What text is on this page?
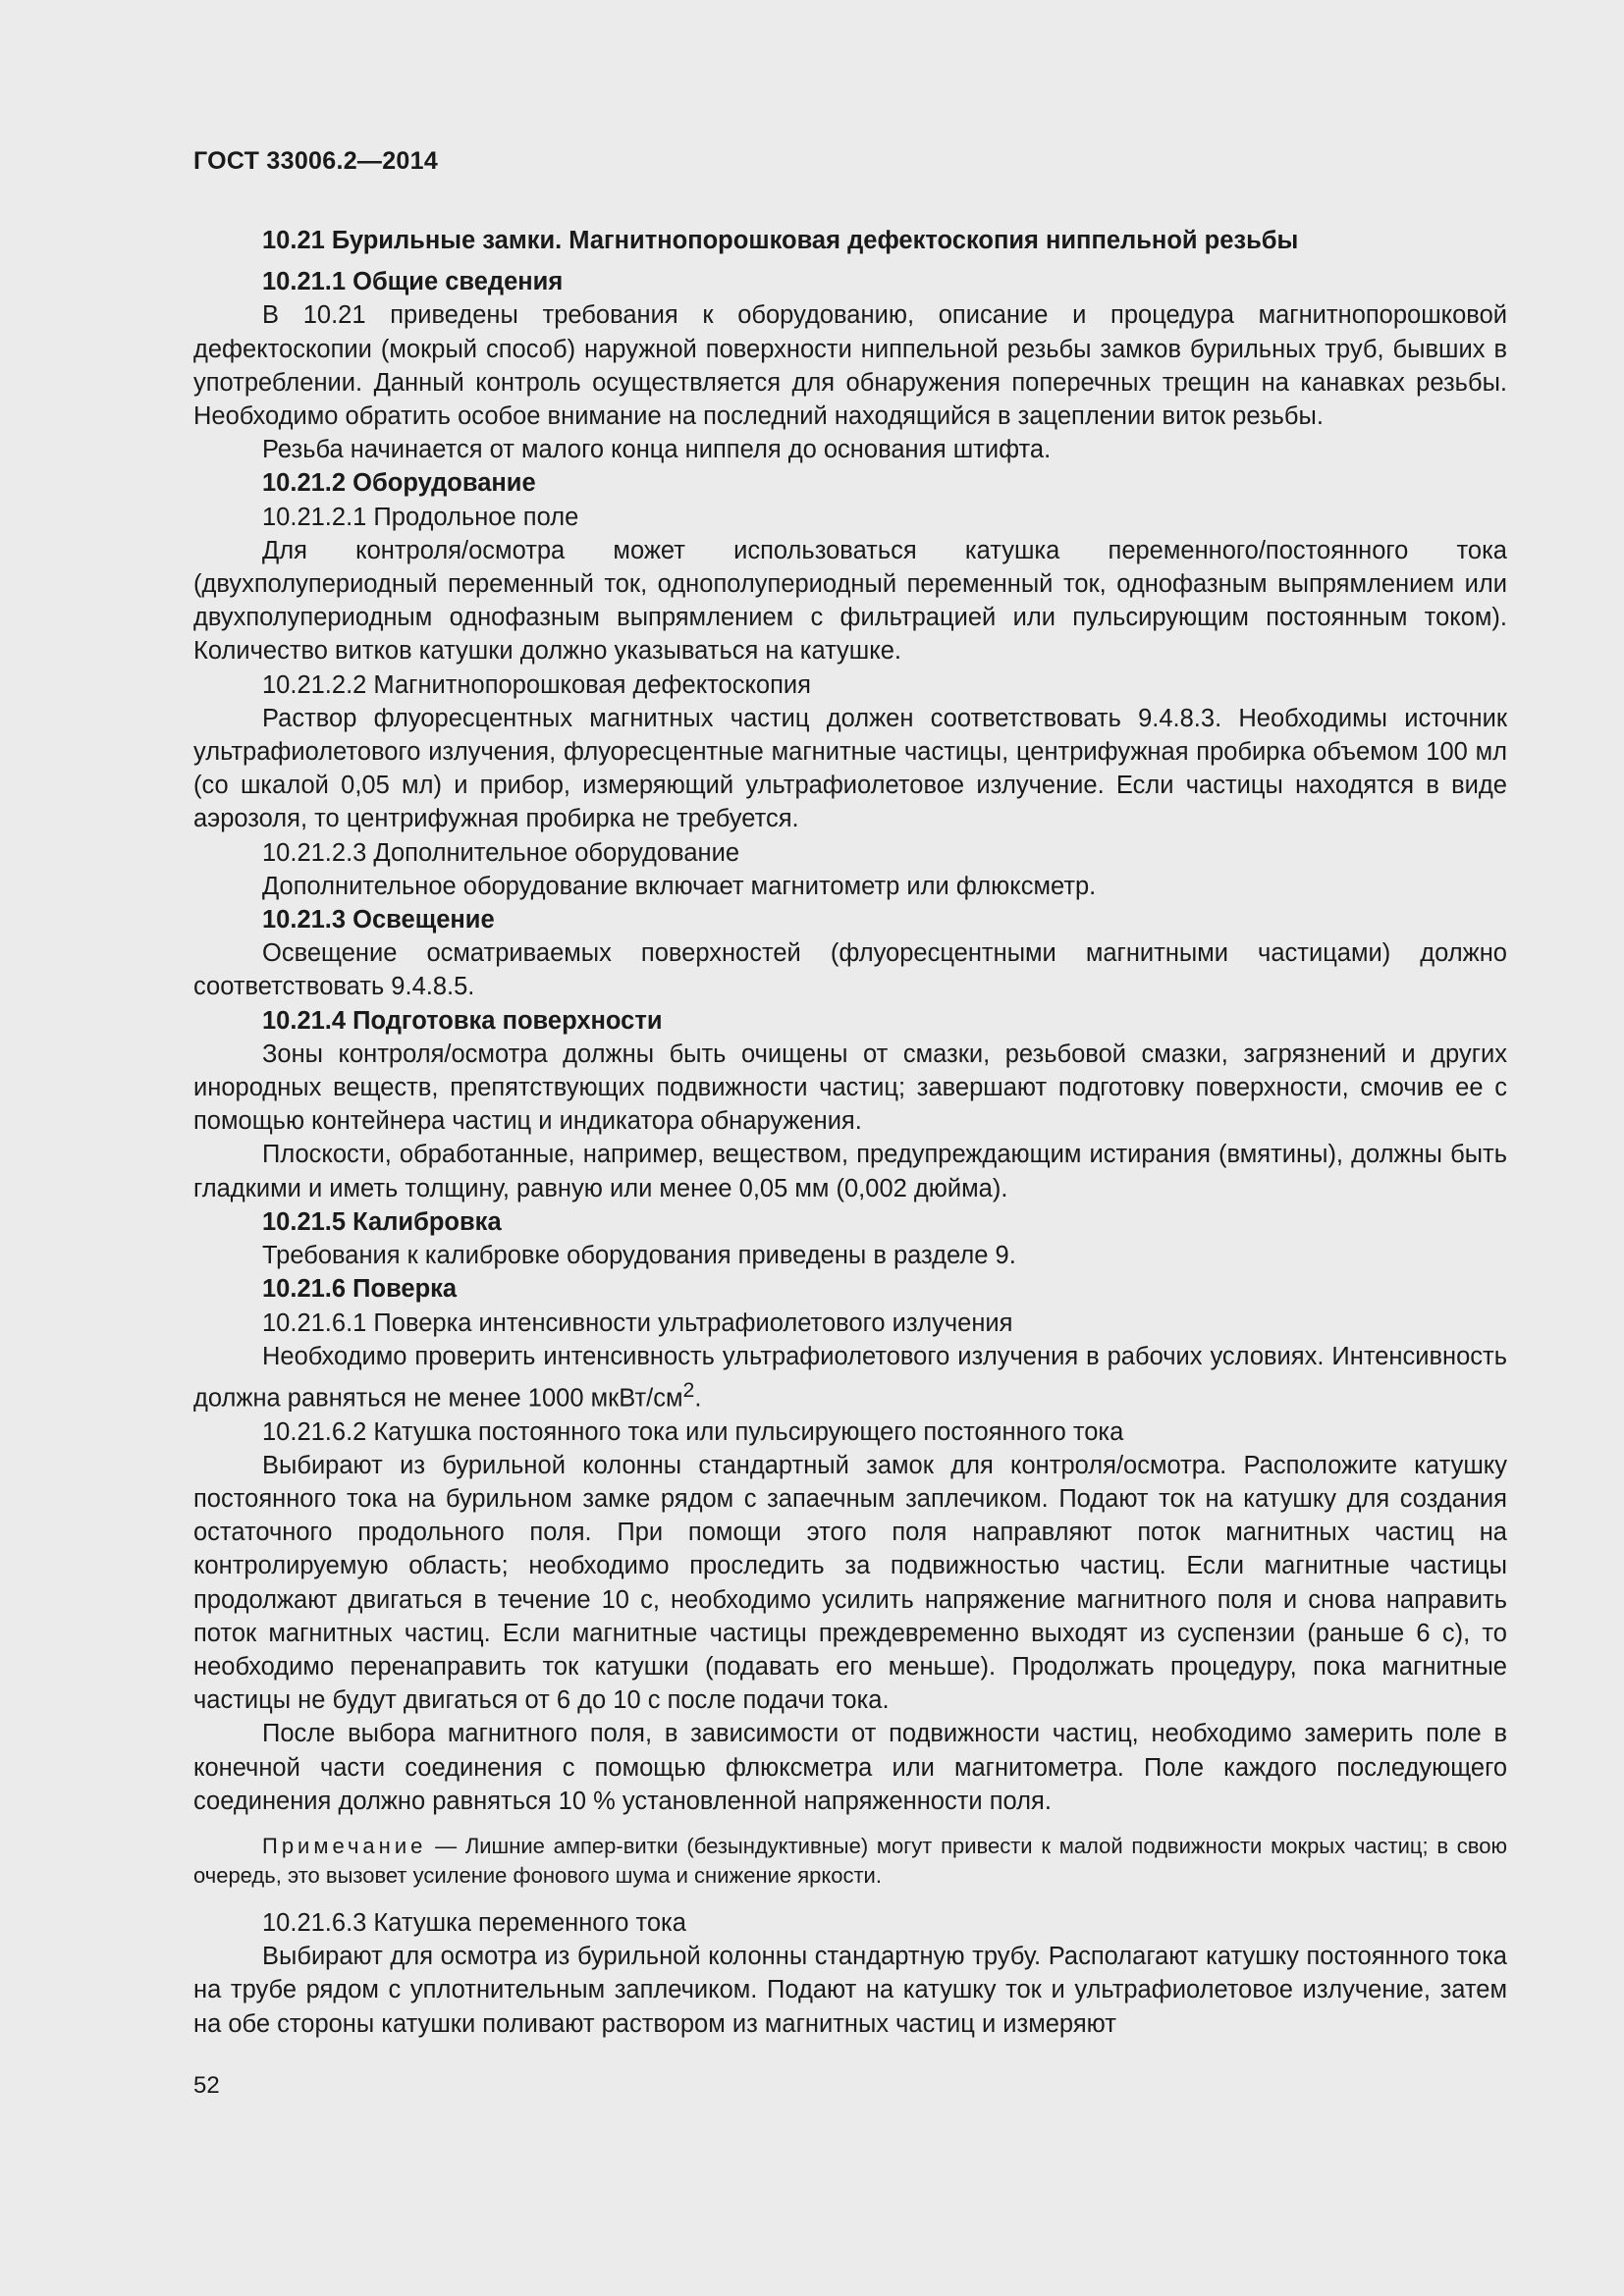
ГОСТ 33006.2—2014
10.21 Бурильные замки. Магнитнопорошковая дефектоскопия ниппельной резьбы
10.21.1 Общие сведения
В 10.21 приведены требования к оборудованию, описание и процедура магнитнопорошковой дефектоскопии (мокрый способ) наружной поверхности ниппельной резьбы замков бурильных труб, бывших в употреблении. Данный контроль осуществляется для обнаружения поперечных трещин на канавках резьбы. Необходимо обратить особое внимание на последний находящийся в зацеплении виток резьбы.
Резьба начинается от малого конца ниппеля до основания штифта.
10.21.2 Оборудование
10.21.2.1 Продольное поле
Для контроля/осмотра может использоваться катушка переменного/постоянного тока (двухполупериодный переменный ток, однополупериодный переменный ток, однофазным выпрямлением или двухполупериодным однофазным выпрямлением с фильтрацией или пульсирующим постоянным током). Количество витков катушки должно указываться на катушке.
10.21.2.2 Магнитнопорошковая дефектоскопия
Раствор флуоресцентных магнитных частиц должен соответствовать 9.4.8.3. Необходимы источник ультрафиолетового излучения, флуоресцентные магнитные частицы, центрифужная пробирка объемом 100 мл (со шкалой 0,05 мл) и прибор, измеряющий ультрафиолетовое излучение. Если частицы находятся в виде аэрозоля, то центрифужная пробирка не требуется.
10.21.2.3 Дополнительное оборудование
Дополнительное оборудование включает магнитометр или флюксметр.
10.21.3 Освещение
Освещение осматриваемых поверхностей (флуоресцентными магнитными частицами) должно соответствовать 9.4.8.5.
10.21.4 Подготовка поверхности
Зоны контроля/осмотра должны быть очищены от смазки, резьбовой смазки, загрязнений и других инородных веществ, препятствующих подвижности частиц; завершают подготовку поверхности, смочив ее с помощью контейнера частиц и индикатора обнаружения.
Плоскости, обработанные, например, веществом, предупреждающим истирания (вмятины), должны быть гладкими и иметь толщину, равную или менее 0,05 мм (0,002 дюйма).
10.21.5 Калибровка
Требования к калибровке оборудования приведены в разделе 9.
10.21.6 Поверка
10.21.6.1 Поверка интенсивности ультрафиолетового излучения
Необходимо проверить интенсивность ультрафиолетового излучения в рабочих условиях. Интенсивность должна равняться не менее 1000 мкВт/$см^2$.
10.21.6.2 Катушка постоянного тока или пульсирующего постоянного тока
Выбирают из бурильной колонны стандартный замок для контроля/осмотра. Расположите катушку постоянного тока на бурильном замке рядом с запаечным заплечиком. Подают ток на катушку для создания остаточного продольного поля. При помощи этого поля направляют поток магнитных частиц на контролируемую область; необходимо проследить за подвижностью частиц. Если магнитные частицы продолжают двигаться в течение 10 с, необходимо усилить напряжение магнитного поля и снова направить поток магнитных частиц. Если магнитные частицы преждевременно выходят из суспензии (раньше 6 с), то необходимо перенаправить ток катушки (подавать его меньше). Продолжать процедуру, пока магнитные частицы не будут двигаться от 6 до 10 с после подачи тока.
После выбора магнитного поля, в зависимости от подвижности частиц, необходимо замерить поле в конечной части соединения с помощью флюксметра или магнитометра. Поле каждого последующего соединения должно равняться 10 % установленной напряженности поля.
Примечание — Лишние ампер-витки (безындуктивные) могут привести к малой подвижности мокрых частиц; в свою очередь, это вызовет усиление фонового шума и снижение яркости.
10.21.6.3 Катушка переменного тока
Выбирают для осмотра из бурильной колонны стандартную трубу. Располагают катушку постоянного тока на трубе рядом с уплотнительным заплечиком. Подают на катушку ток и ультрафиолетовое излучение, затем на обе стороны катушки поливают раствором из магнитных частиц и измеряют
52
